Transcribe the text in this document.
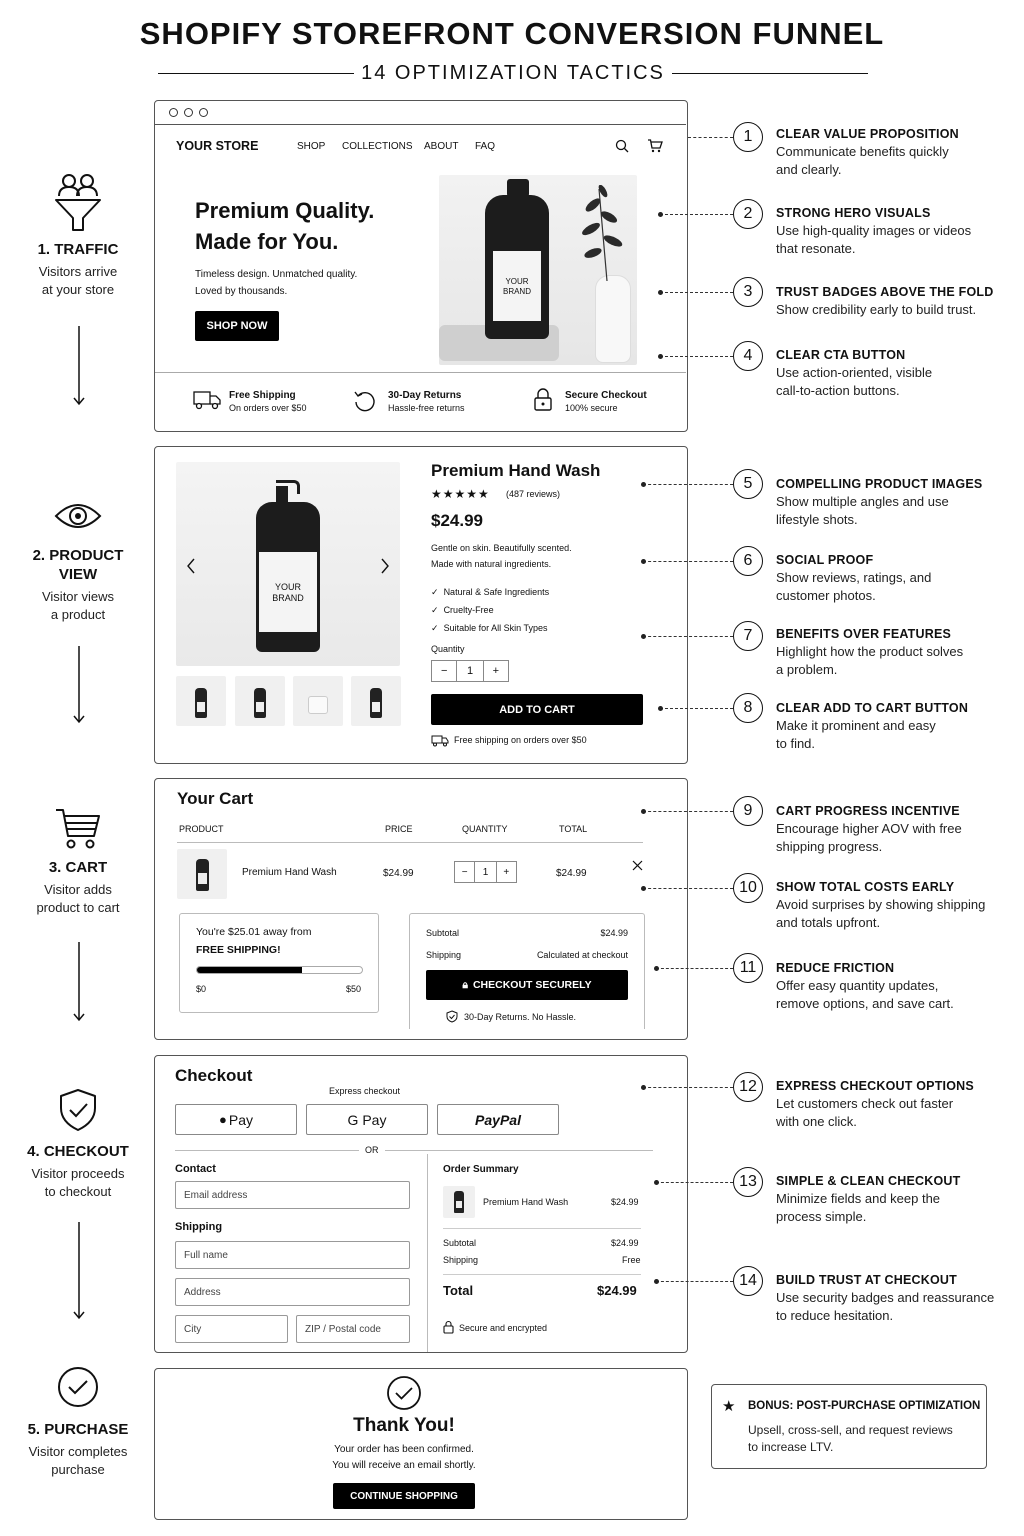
SHOPIFY STOREFRONT CONVERSION FUNNEL
14 OPTIMIZATION TACTICS
1. TRAFFIC
Visitors arrive
at your store
2. PRODUCT
VIEW
Visitor views
a product
3. CART
Visitor adds
product to cart
4. CHECKOUT
Visitor proceeds
to checkout
5. PURCHASE
Visitor completes
purchase
YOUR STORE	SHOP COLLECTIONS ABOUT FAQ
Premium Quality.
Made for You.
Timeless design. Unmatched quality.
Loved by thousands.
SHOP NOW
YOUR
BRAND
Free Shipping
On orders over $50
30-Day Returns
Hassle-free returns
Secure Checkout
100% secure
YOUR
BRAND
Premium Hand Wash
★★★★★ (487 reviews)
$24.99
Gentle on skin. Beautifully scented.
Made with natural ingredients.
✓ Natural & Safe Ingredients
✓ Cruelty-Free
✓ Suitable for All Skin Types
Quantity
−	1	+
ADD TO CART
Free shipping on orders over $50
Your Cart
PRODUCT	PRICE	QUANTITY	TOTAL
Premium Hand Wash	$24.99	−	1	+	$24.99
You're $25.01 away from
FREE SHIPPING!
$0	$50
Subtotal	$24.99
Shipping	Calculated at checkout
🔒︎ CHECKOUT SECURELY
30-Day Returns. No Hassle.
Checkout
Express checkout
● Pay	G Pay	PayPal
OR
Contact
Email address
Shipping
Full name
Address
City	ZIP / Postal code
Order Summary
Premium Hand Wash	$24.99
Subtotal	$24.99
Shipping	Free
Total	$24.99
Secure and encrypted
Thank You!
Your order has been confirmed.
You will receive an email shortly.
CONTINUE SHOPPING
1
2
3
4
5
6
7
8
9
10
11
12
13
14
CLEAR VALUE PROPOSITION
Communicate benefits quickly
and clearly.
STRONG HERO VISUALS
Use high-quality images or videos
that resonate.
TRUST BADGES ABOVE THE FOLD
Show credibility early to build trust.
CLEAR CTA BUTTON
Use action-oriented, visible
call-to-action buttons.
COMPELLING PRODUCT IMAGES
Show multiple angles and use
lifestyle shots.
SOCIAL PROOF
Show reviews, ratings, and
customer photos.
BENEFITS OVER FEATURES
Highlight how the product solves
a problem.
CLEAR ADD TO CART BUTTON
Make it prominent and easy
to find.
CART PROGRESS INCENTIVE
Encourage higher AOV with free
shipping progress.
SHOW TOTAL COSTS EARLY
Avoid surprises by showing shipping
and totals upfront.
REDUCE FRICTION
Offer easy quantity updates,
remove options, and save cart.
EXPRESS CHECKOUT OPTIONS
Let customers check out faster
with one click.
SIMPLE & CLEAN CHECKOUT
Minimize fields and keep the
process simple.
BUILD TRUST AT CHECKOUT
Use security badges and reassurance
to reduce hesitation.
★ BONUS: POST-PURCHASE OPTIMIZATION
Upsell, cross-sell, and request reviews
to increase LTV.
